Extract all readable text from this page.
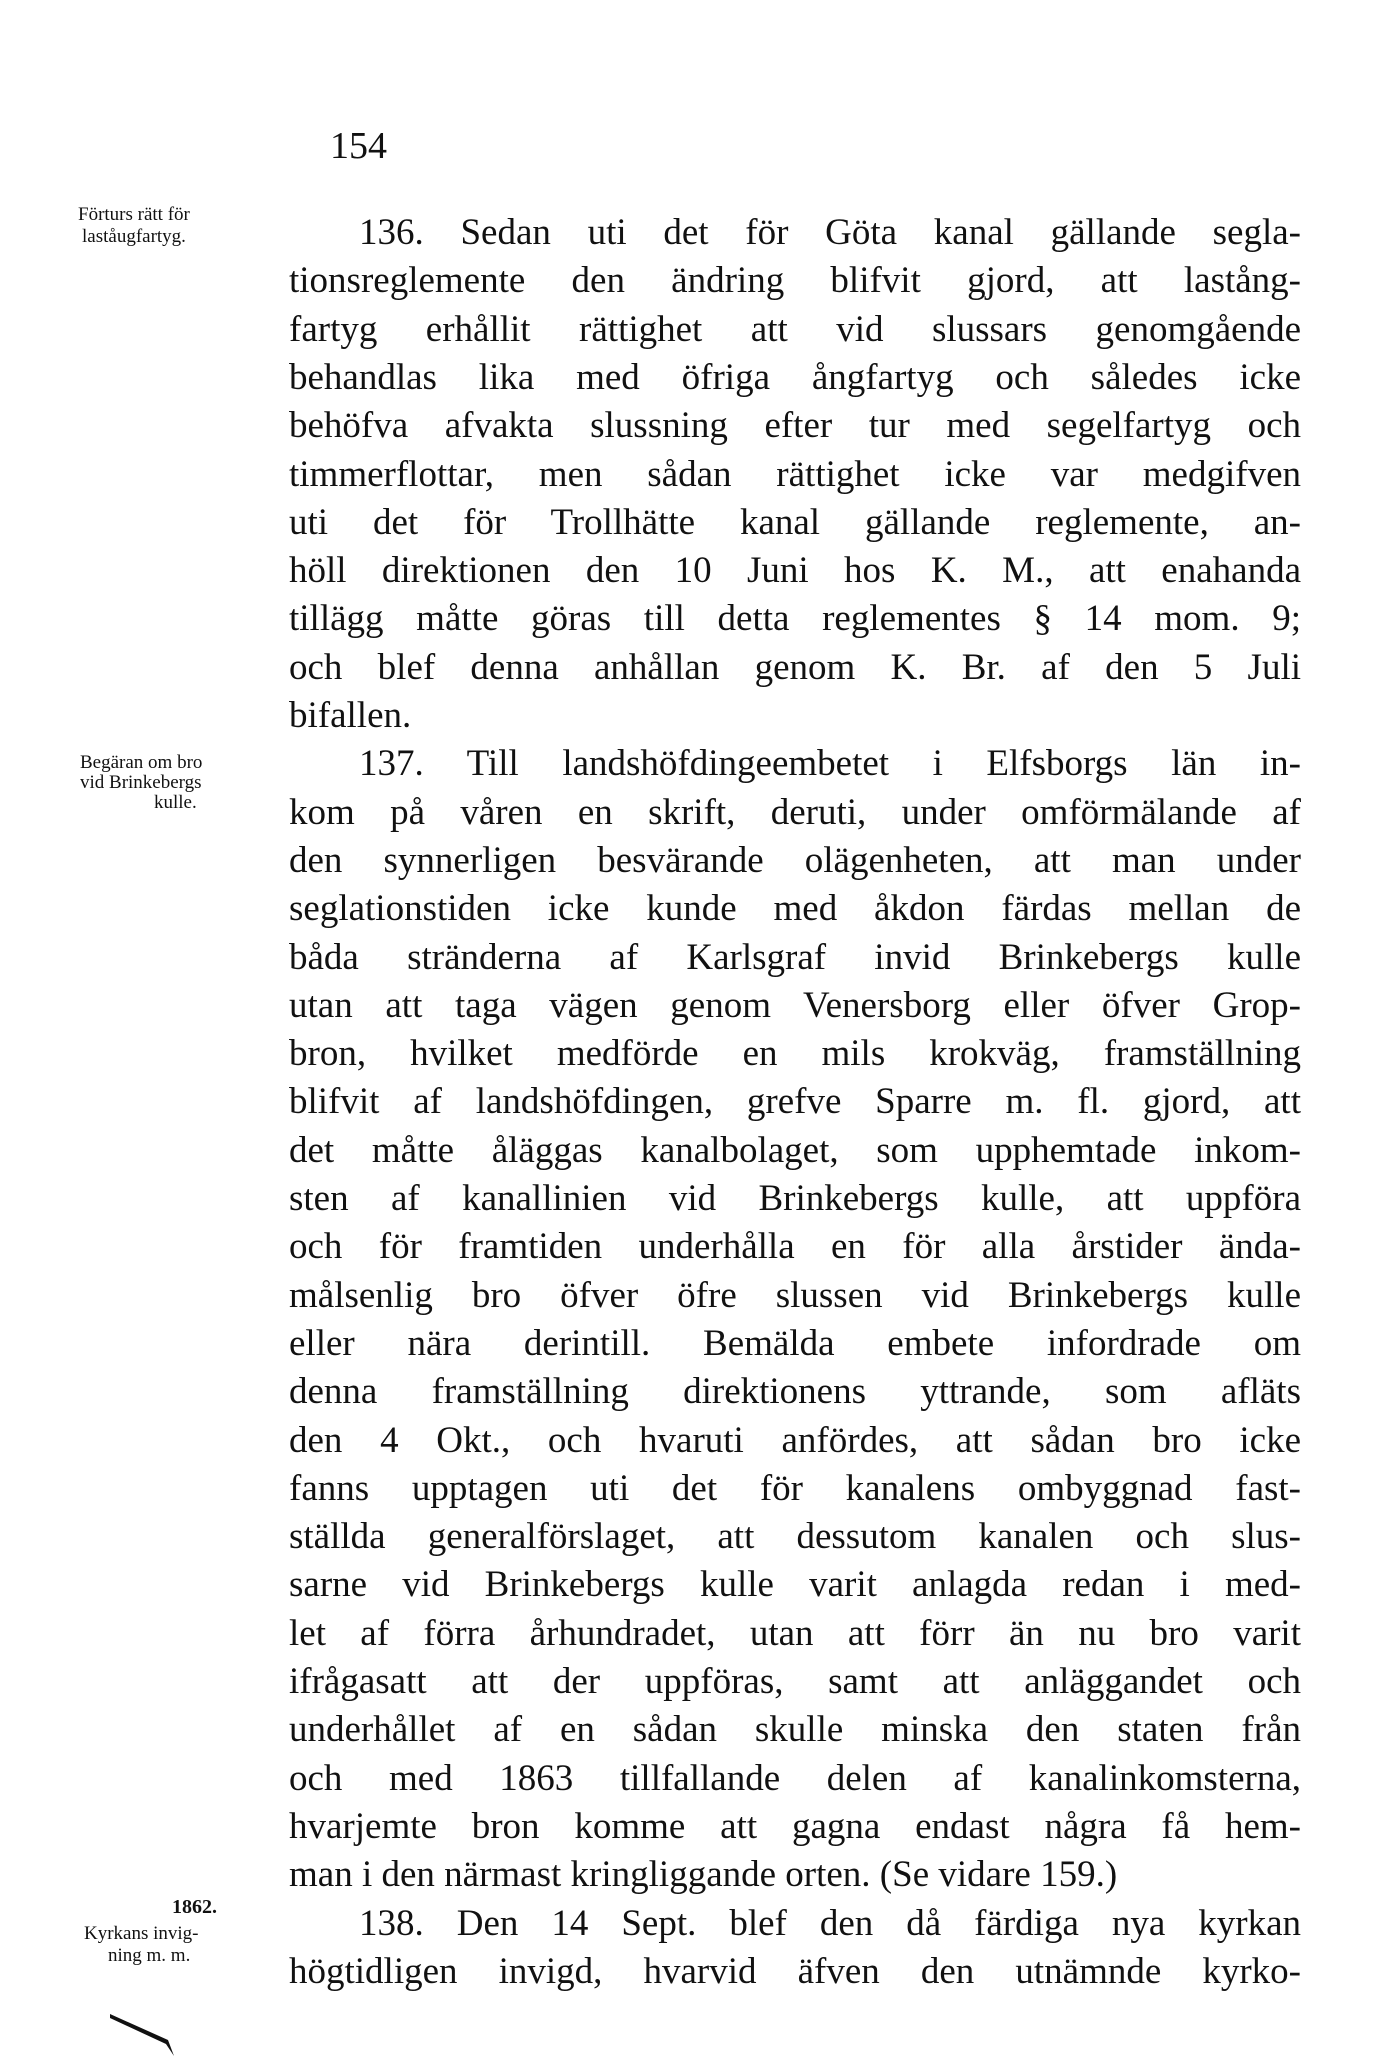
154
Förturs rätt för
laståugfartyg.
Begäran om bro
vid Brinkebergs
kulle.
1862.
Kyrkans invig-
ning m. m.
136. Sedan uti det för Göta kanal gällande segla-
tionsreglemente den ändring blifvit gjord, att lastång-
fartyg erhållit rättighet att vid slussars genomgående
behandlas lika med öfriga ångfartyg och således icke
behöfva afvakta slussning efter tur med segelfartyg och
timmerflottar, men sådan rättighet icke var medgifven
uti det för Trollhätte kanal gällande reglemente, an-
höll direktionen den 10 Juni hos K. M., att enahanda
tillägg måtte göras till detta reglementes § 14 mom. 9;
och blef denna anhållan genom K. Br. af den 5 Juli
bifallen.
137. Till landshöfdingeembetet i Elfsborgs län in-
kom på våren en skrift, deruti, under omförmälande af
den synnerligen besvärande olägenheten, att man under
seglationstiden icke kunde med åkdon färdas mellan de
båda stränderna af Karlsgraf invid Brinkebergs kulle
utan att taga vägen genom Venersborg eller öfver Grop-
bron, hvilket medförde en mils krokväg, framställning
blifvit af landshöfdingen, grefve Sparre m. fl. gjord, att
det måtte åläggas kanalbolaget, som upphemtade inkom-
sten af kanallinien vid Brinkebergs kulle, att uppföra
och för framtiden underhålla en för alla årstider ända-
målsenlig bro öfver öfre slussen vid Brinkebergs kulle
eller nära derintill. Bemälda embete infordrade om
denna framställning direktionens yttrande, som afläts
den 4 Okt., och hvaruti anfördes, att sådan bro icke
fanns upptagen uti det för kanalens ombyggnad fast-
ställda generalförslaget, att dessutom kanalen och slus-
sarne vid Brinkebergs kulle varit anlagda redan i med-
let af förra århundradet, utan att förr än nu bro varit
ifrågasatt att der uppföras, samt att anläggandet och
underhållet af en sådan skulle minska den staten från
och med 1863 tillfallande delen af kanalinkomsterna,
hvarjemte bron komme att gagna endast några få hem-
man i den närmast kringliggande orten. (Se vidare 159.)
138. Den 14 Sept. blef den då färdiga nya kyrkan
högtidligen invigd, hvarvid äfven den utnämnde kyrko-
